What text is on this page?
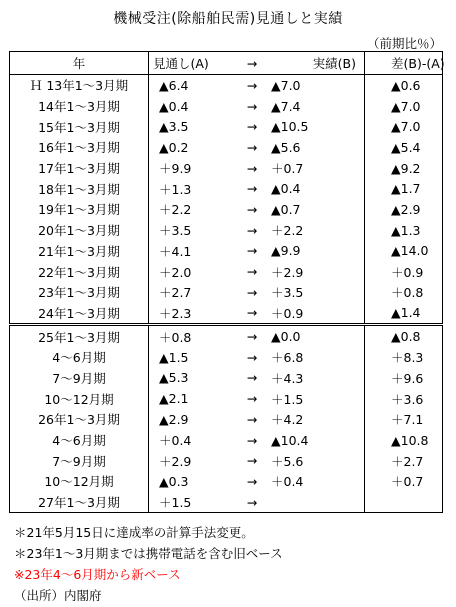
機械受注(除船舶民需)見通しと実績
（前期比％）
年	見通し(A)	→	実績(B)	差(B)-(A)
Ｈ 13年1～3月期	▲6.4	→	▲7.0	▲0.6
14年1～3月期	▲0.4	→	▲7.4	▲7.0
15年1～3月期	▲3.5	→	▲10.5	▲7.0
16年1～3月期	▲0.2	→	▲5.6	▲5.4
17年1～3月期	＋9.9	→	＋0.7	▲9.2
18年1～3月期	＋1.3	→	▲0.4	▲1.7
19年1～3月期	＋2.2	→	▲0.7	▲2.9
20年1～3月期	＋3.5	→	＋2.2	▲1.3
21年1～3月期	＋4.1	→	▲9.9	▲14.0
22年1～3月期	＋2.0	→	＋2.9	＋0.9
23年1～3月期	＋2.7	→	＋3.5	＋0.8
24年1～3月期	＋2.3	→	＋0.9	▲1.4
25年1～3月期	＋0.8	→	▲0.0	▲0.8
4～6月期	▲1.5	→	＋6.8	＋8.3
7～9月期	▲5.3	→	＋4.3	＋9.6
10～12月期	▲2.1	→	＋1.5	＋3.6
26年1～3月期	▲2.9	→	＋4.2	＋7.1
4～6月期	＋0.4	→	▲10.4	▲10.8
7～9月期	＋2.9	→	＋5.6	＋2.7
10～12月期	▲0.3	→	＋0.4	＋0.7
27年1～3月期	＋1.5	→		
＊21年5月15日に達成率の計算手法変更。
＊23年1～3月期までは携帯電話を含む旧ベース
※23年4～6月期から新ベース
（出所）内閣府
